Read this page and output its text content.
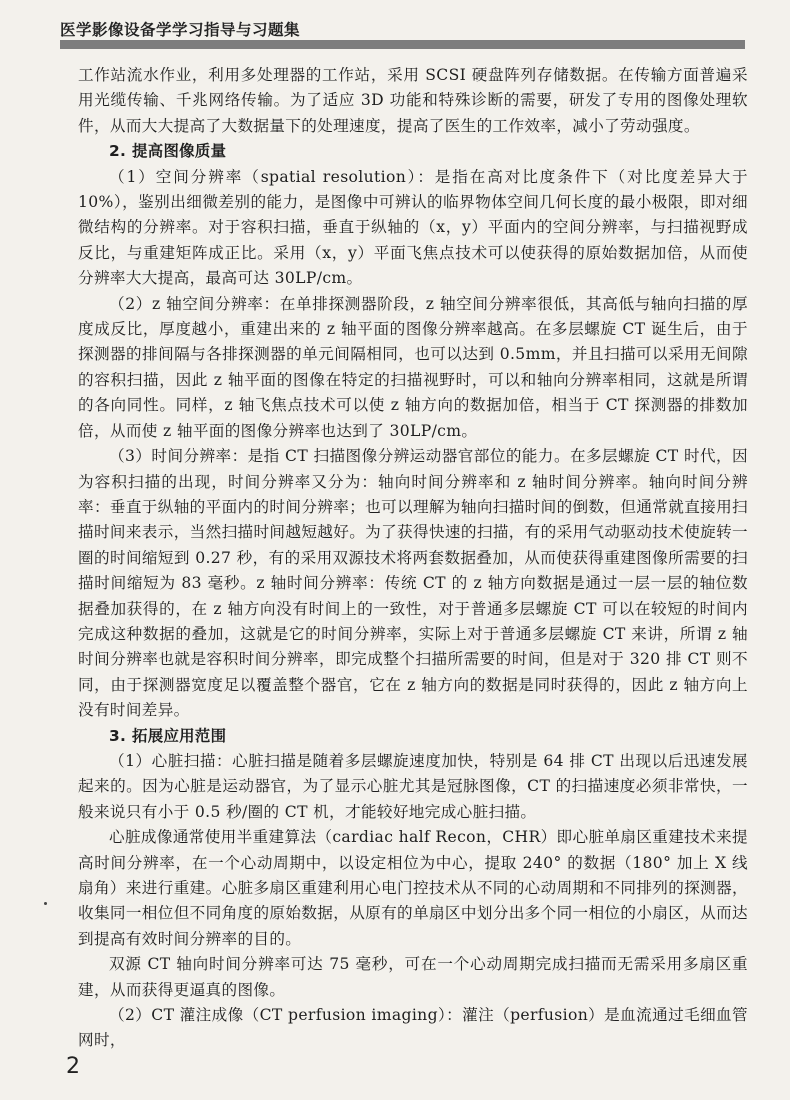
医学影像设备学学习指导与习题集

工作站流水作业，利用多处理器的工作站，采用 SCSI 硬盘阵列存储数据。在传输方面普遍采用光缆传输、千兆网络传输。为了适应 3D 功能和特殊诊断的需要，研发了专用的图像处理软件，从而大大提高了大数据量下的处理速度，提高了医生的工作效率，减小了劳动强度。

2. 提高图像质量

（1）空间分辨率（spatial resolution）：是指在高对比度条件下（对比度差异大于10%），鉴别出细微差别的能力，是图像中可辨认的临界物体空间几何长度的最小极限，即对细微结构的分辨率。对于容积扫描，垂直于纵轴的（x，y）平面内的空间分辨率，与扫描视野成反比，与重建矩阵成正比。采用（x，y）平面飞焦点技术可以使获得的原始数据加倍，从而使分辨率大大提高，最高可达 30LP/cm。

（2）z 轴空间分辨率：在单排探测器阶段，z 轴空间分辨率很低，其高低与轴向扫描的厚度成反比，厚度越小，重建出来的 z 轴平面的图像分辨率越高。在多层螺旋 CT 诞生后，由于探测器的排间隔与各排探测器的单元间隔相同，也可以达到 0.5mm，并且扫描可以采用无间隙的容积扫描，因此 z 轴平面的图像在特定的扫描视野时，可以和轴向分辨率相同，这就是所谓的各向同性。同样，z 轴飞焦点技术可以使 z 轴方向的数据加倍，相当于 CT 探测器的排数加倍，从而使 z 轴平面的图像分辨率也达到了 30LP/cm。

（3）时间分辨率：是指 CT 扫描图像分辨运动器官部位的能力。在多层螺旋 CT 时代，因为容积扫描的出现，时间分辨率又分为：轴向时间分辨率和 z 轴时间分辨率。轴向时间分辨率：垂直于纵轴的平面内的时间分辨率；也可以理解为轴向扫描时间的倒数，但通常就直接用扫描时间来表示，当然扫描时间越短越好。为了获得快速的扫描，有的采用气动驱动技术使旋转一圈的时间缩短到 0.27 秒，有的采用双源技术将两套数据叠加，从而使获得重建图像所需要的扫描时间缩短为 83 毫秒。z 轴时间分辨率：传统 CT 的 z 轴方向数据是通过一层一层的轴位数据叠加获得的，在 z 轴方向没有时间上的一致性，对于普通多层螺旋 CT 可以在较短的时间内完成这种数据的叠加，这就是它的时间分辨率，实际上对于普通多层螺旋 CT 来讲，所谓 z 轴时间分辨率也就是容积时间分辨率，即完成整个扫描所需要的时间，但是对于 320 排 CT 则不同，由于探测器宽度足以覆盖整个器官，它在 z 轴方向的数据是同时获得的，因此 z 轴方向上没有时间差异。

3. 拓展应用范围

（1）心脏扫描：心脏扫描是随着多层螺旋速度加快，特别是 64 排 CT 出现以后迅速发展起来的。因为心脏是运动器官，为了显示心脏尤其是冠脉图像，CT 的扫描速度必须非常快，一般来说只有小于 0.5 秒/圈的 CT 机，才能较好地完成心脏扫描。

心脏成像通常使用半重建算法（cardiac half Recon，CHR）即心脏单扇区重建技术来提高时间分辨率，在一个心动周期中，以设定相位为中心，提取 240° 的数据（180° 加上 X 线扇角）来进行重建。心脏多扇区重建利用心电门控技术从不同的心动周期和不同排列的探测器，收集同一相位但不同角度的原始数据，从原有的单扇区中划分出多个同一相位的小扇区，从而达到提高有效时间分辨率的目的。

双源 CT 轴向时间分辨率可达 75 毫秒，可在一个心动周期完成扫描而无需采用多扇区重建，从而获得更逼真的图像。

（2）CT 灌注成像（CT perfusion imaging）：灌注（perfusion）是血流通过毛细血管网时，

2
